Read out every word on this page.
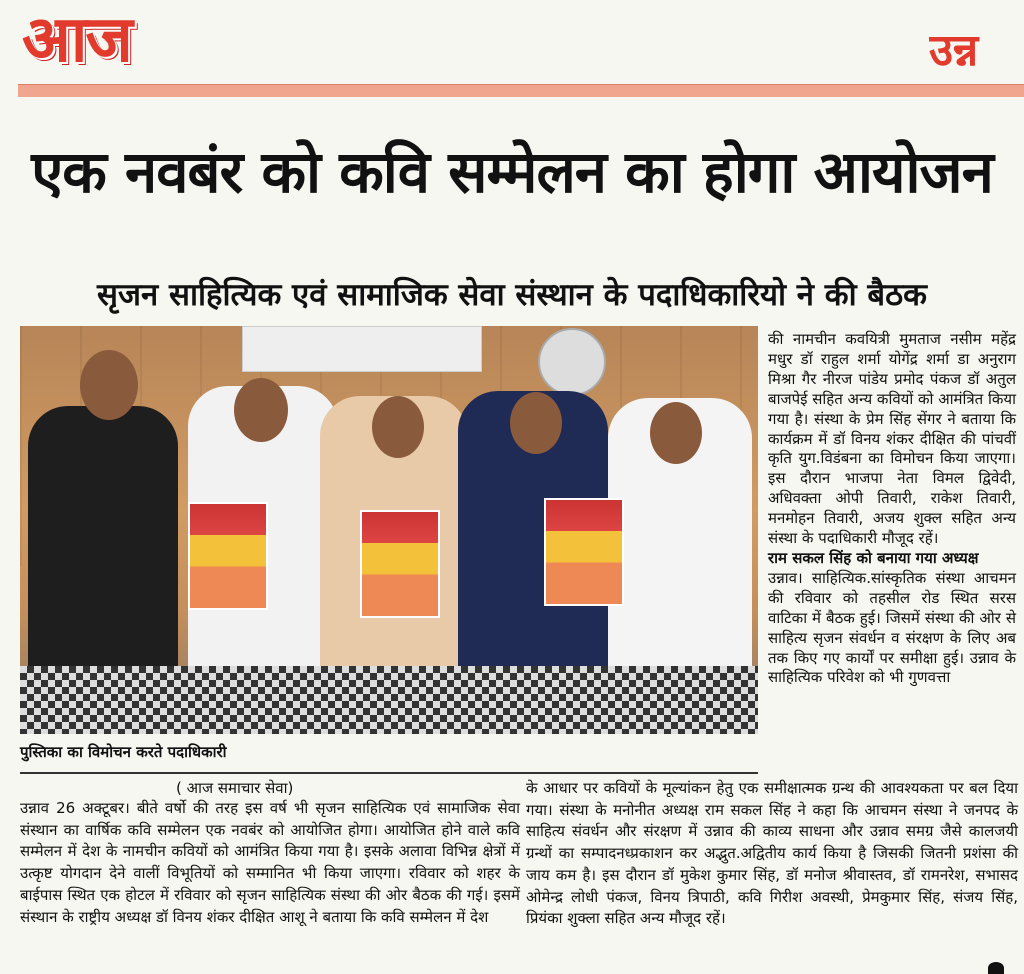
आज	उन्न
एक नवबंर को कवि सम्मेलन का होगा आयोजन
सृजन साहित्यिक एवं सामाजिक सेवा संस्थान के पदाधिकारियो ने की बैठक
पुस्तिका का विमोचन करते पदाधिकारी
( आज समाचार सेवा)

की नामचीन कवयित्री मुमताज नसीम महेंद्र मधुर डॉ राहुल शर्मा योगेंद्र शर्मा डा अनुराग मिश्रा गैर नीरज पांडेय प्रमोद पंकज डॉ अतुल बाजपेई सहित अन्य कवियों को आमंत्रित किया गया है। संस्था के प्रेम सिंह सेंगर ने बताया कि कार्यक्रम में डॉ विनय शंकर दीक्षित की पांचवीं कृति युग.विडंबना का विमोचन किया जाएगा। इस दौरान भाजपा नेता विमल द्विवेदी, अधिवक्ता ओपी तिवारी, राकेश तिवारी, मनमोहन तिवारी, अजय शुक्ल सहित अन्य संस्था के पदाधिकारी मौजूद रहें।

राम सकल सिंह को बनाया गया अध्यक्ष

उन्नाव। साहित्यिक.सांस्कृतिक संस्था आचमन की रविवार को तहसील रोड स्थित सरस वाटिका में बैठक हुई। जिसमें संस्था की ओर से साहित्य सृजन संवर्धन व संरक्षण के लिए अब तक किए गए कार्यों पर समीक्षा हुई। उन्नाव के साहित्यिक परिवेश को भी गुणवत्ता

उन्नाव 26 अक्टूबर। बीते वर्षो की तरह इस वर्ष भी सृजन साहित्यिक एवं सामाजिक सेवा संस्थान का वार्षिक कवि सम्मेलन एक नवबंर को आयोजित होगा। आयोजित होने वाले कवि सम्मेलन में देश के नामचीन कवियों को आमंत्रित किया गया है। इसके अलावा विभिन्न क्षेत्रों में उत्कृष्ट योगदान देने वालीं विभूतियों को सम्मानित भी किया जाएगा। रविवार को शहर के बाईपास स्थित एक होटल में रविवार को सृजन साहित्यिक संस्था की ओर बैठक की गई। इसमें संस्थान के राष्ट्रीय अध्यक्ष डॉ विनय शंकर दीक्षित आशू ने बताया कि कवि सम्मेलन में देश
के आधार पर कवियों के मूल्यांकन हेतु एक समीक्षात्मक ग्रन्थ की आवश्यकता पर बल दिया गया। संस्था के मनोनीत अध्यक्ष राम सकल सिंह ने कहा कि आचमन संस्था ने जनपद के साहित्य संवर्धन और संरक्षण में उन्नाव की काव्य साधना और उन्नाव समग्र जैसे कालजयी ग्रन्थों का सम्पादनध्प्रकाशन कर अद्भुत.अद्वितीय कार्य किया है जिसकी जितनी प्रशंसा की जाय कम है। इस दौरान डॉ मुकेश कुमार सिंह, डॉ मनोज श्रीवास्तव, डॉ रामनरेश, सभासद ओमेन्द्र लोधी पंकज, विनय त्रिपाठी, कवि गिरीश अवस्थी, प्रेमकुमार सिंह, संजय सिंह, प्रियंका शुक्ला सहित अन्य मौजूद रहें।
